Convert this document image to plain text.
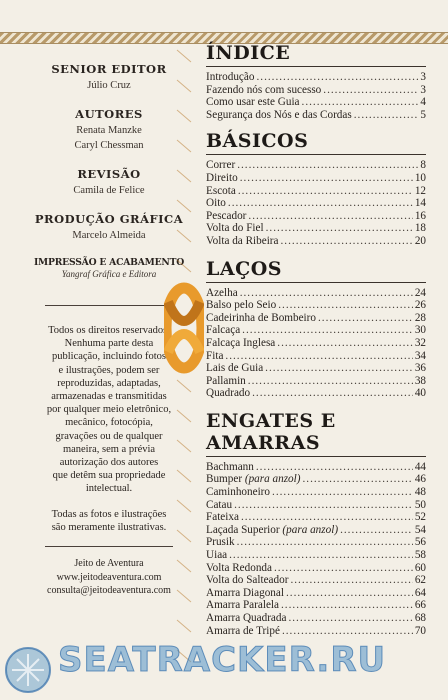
SENIOR EDITOR

Júlio Cruz

AUTORES

Renata Manzke

Caryl Chessman

REVISÃO

Camila de Felice

PRODUÇÃO GRÁFICA

Marcelo Almeida

IMPRESSÃO E ACABAMENTO

Yangraf Gráfica e Editora

Todos os direitos reservados.
Nenhuma parte desta
publicação, incluindo fotos
e ilustrações, podem ser
reproduzidas, adaptadas,
armazenadas e transmitidas
por qualquer meio eletrônico,
mecânico, fotocópia,
gravações ou de qualquer
maneira, sem a prévia
autorização dos autores
que detêm sua propriedade
intelectual.
Todas as fotos e ilustrações
são meramente ilustrativas.
Jeito de Aventura
www.jeitodeaventura.com
consulta@jeitodeaventura.com
ÍNDICE
Introdução .....	3
Fazendo nós com sucesso .....	3
Como usar este Guia .....	4
Segurança dos Nós e das Cordas .....	5
BÁSICOS
Correr .....	8
Direito .....	10
Escota .....	12
Oito .....	14
Pescador .....	16
Volta do Fiel .....	18
Volta da Ribeira .....	20
LAÇOS
Azelha .....	24
Balso pelo Seio .....	26
Cadeirinha de Bombeiro .....	28
Falcaça .....	30
Falcaça Inglesa .....	32
Fita .....	34
Lais de Guia .....	36
Pallamin .....	38
Quadrado .....	40
ENGATES E AMARRAS
Bachmann .....	44
Bumper (para anzol) .....	46
Caminhoneiro .....	48
Catau .....	50
Fateixa .....	52
Laçada Superior (para anzol) .....	54
Prusik .....	56
Uiaa .....	58
Volta Redonda .....	60
Volta do Salteador .....	62
Amarra Diagonal .....	64
Amarra Paralela .....	66
Amarra Quadrada .....	68
Amarra de Tripé .....	70
SEATRACKER.RU
